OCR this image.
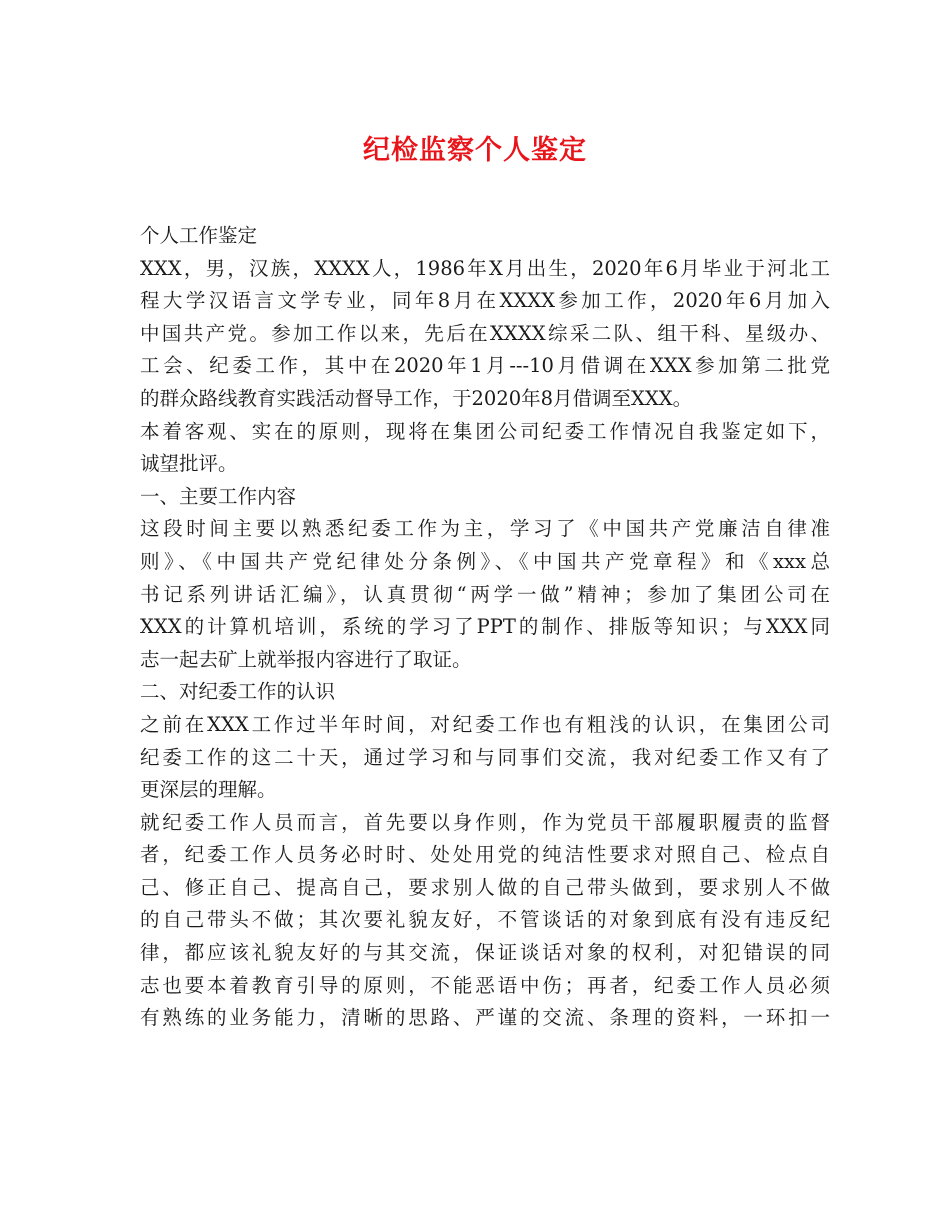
纪检监察个人鉴定
个人工作鉴定
XXX，男，汉族，XXXX人，1986年X月出生，2020年6月毕业于河北工
程大学汉语言文学专业，同年8月在XXXX参加工作，2020年6月加入
中国共产党。参加工作以来，先后在XXXX综采二队、组干科、星级办、
工会、纪委工作，其中在2020年1月---10月借调在XXX参加第二批党
的群众路线教育实践活动督导工作，于2020年8月借调至XXX。
本着客观、实在的原则，现将在集团公司纪委工作情况自我鉴定如下，
诚望批评。
一、主要工作内容
这段时间主要以熟悉纪委工作为主，学习了《中国共产党廉洁自律准
则》、《中国共产党纪律处分条例》、《中国共产党章程》和《xxx总
书记系列讲话汇编》，认真贯彻“两学一做”精神；参加了集团公司在
XXX的计算机培训，系统的学习了PPT的制作、排版等知识；与XXX同
志一起去矿上就举报内容进行了取证。
二、对纪委工作的认识
之前在XXX工作过半年时间，对纪委工作也有粗浅的认识，在集团公司
纪委工作的这二十天，通过学习和与同事们交流，我对纪委工作又有了
更深层的理解。
就纪委工作人员而言，首先要以身作则，作为党员干部履职履责的监督
者，纪委工作人员务必时时、处处用党的纯洁性要求对照自己、检点自
己、修正自己、提高自己，要求别人做的自己带头做到，要求别人不做
的自己带头不做；其次要礼貌友好，不管谈话的对象到底有没有违反纪
律，都应该礼貌友好的与其交流，保证谈话对象的权利，对犯错误的同
志也要本着教育引导的原则，不能恶语中伤；再者，纪委工作人员必须
有熟练的业务能力，清晰的思路、严谨的交流、条理的资料，一环扣一
